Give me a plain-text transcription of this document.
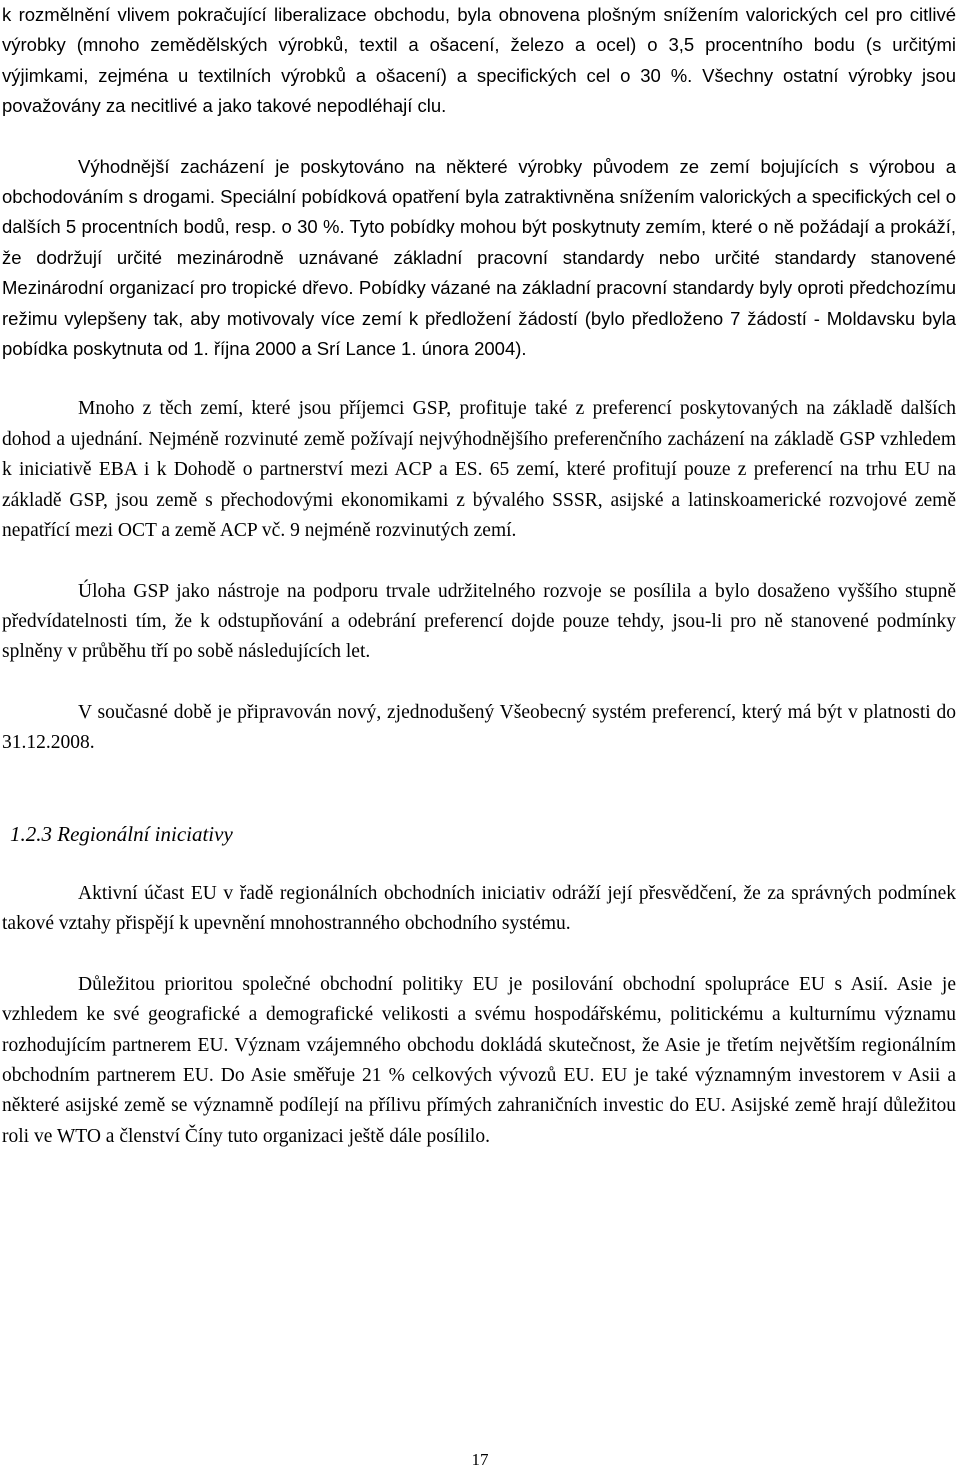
k rozmělnění vlivem pokračující liberalizace obchodu, byla obnovena plošným snížením valorických cel pro citlivé výrobky (mnoho zemědělských výrobků, textil a ošacení, železo a ocel) o 3,5 procentního bodu (s určitými výjimkami, zejména u textilních výrobků a ošacení) a specifických cel o 30 %. Všechny ostatní výrobky jsou považovány za necitlivé a jako takové nepodléhají clu.

Výhodnější zacházení je poskytováno na některé výrobky původem ze zemí bojujících s výrobou a obchodováním s drogami. Speciální pobídková opatření byla zatraktivněna snížením valorických a specifických cel o dalších 5 procentních bodů, resp. o 30 %. Tyto pobídky mohou být poskytnuty zemím, které o ně požádají a prokáží, že dodržují určité mezinárodně uznávané základní pracovní standardy nebo určité standardy stanovené Mezinárodní organizací pro tropické dřevo. Pobídky vázané na základní pracovní standardy byly oproti předchozímu režimu vylepšeny tak, aby motivovaly více zemí k předložení žádostí (bylo předloženo 7 žádostí - Moldavsku byla pobídka poskytnuta od 1. října 2000 a Srí Lance 1. února 2004).

Mnoho z těch zemí, které jsou příjemci GSP, profituje také z preferencí poskytovaných na základě dalších dohod a ujednání. Nejméně rozvinuté země požívají nejvýhodnějšího preferenčního zacházení na základě GSP vzhledem k iniciativě EBA i k Dohodě o partnerství mezi ACP a ES. 65 zemí, které profitují pouze z preferencí na trhu EU na základě GSP, jsou země s přechodovými ekonomikami z bývalého SSSR, asijské a latinskoamerické rozvojové země nepatřící mezi OCT a země ACP vč. 9 nejméně rozvinutých zemí.

Úloha GSP jako nástroje na podporu trvale udržitelného rozvoje se posílila a bylo dosaženo vyššího stupně předvídatelnosti tím, že k odstupňování a odebrání preferencí dojde pouze tehdy, jsou-li pro ně stanovené podmínky splněny v průběhu tří po sobě následujících let.

V současné době je připravován nový, zjednodušený Všeobecný systém preferencí, který má být v platnosti do 31.12.2008.

1.2.3 Regionální iniciativy

Aktivní účast EU v řadě regionálních obchodních iniciativ odráží její přesvědčení, že za správných podmínek takové vztahy přispějí k upevnění mnohostranného obchodního systému.

Důležitou prioritou společné obchodní politiky EU je posilování obchodní spolupráce EU s Asií. Asie je vzhledem ke své geografické a demografické velikosti a svému hospodářskému, politickému a kulturnímu významu rozhodujícím partnerem EU. Význam vzájemného obchodu dokládá skutečnost, že Asie je třetím největším regionálním obchodním partnerem EU. Do Asie směřuje 21 % celkových vývozů EU. EU je také významným investorem v Asii a některé asijské země se významně podílejí na přílivu přímých zahraničních investic do EU. Asijské země hrají důležitou roli ve WTO a členství Číny tuto organizaci ještě dále posílilo.

17
